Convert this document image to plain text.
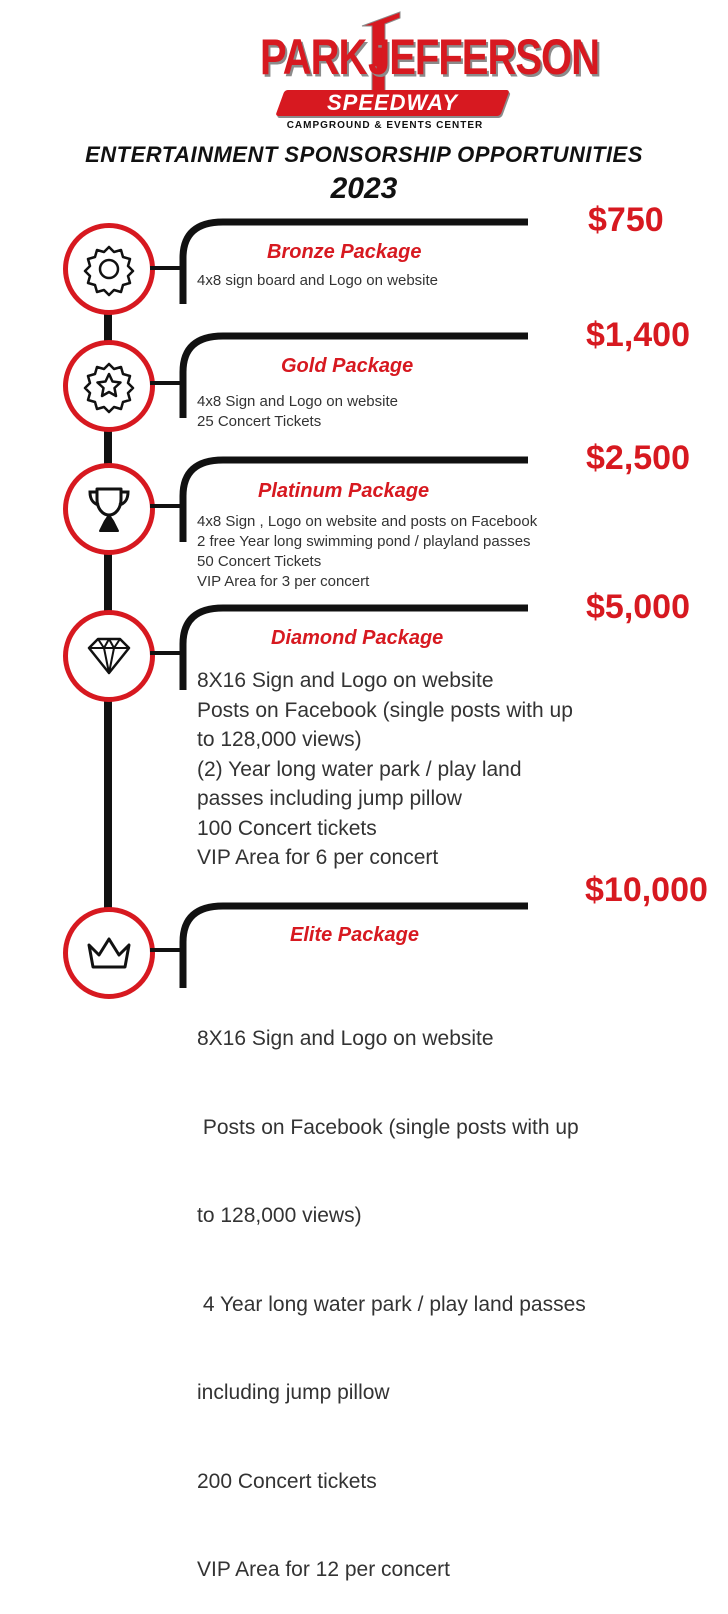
PARK JEFFERSON
SPEEDWAY
CAMPGROUND & EVENTS CENTER
ENTERTAINMENT SPONSORSHIP OPPORTUNITIES
2023
$750
$1,400
$2,500
$5,000
$10,000
Bronze Package
Gold Package
Platinum Package
Diamond Package
Elite Package
4x8 sign board and Logo on website
4x8 Sign and Logo on website
25 Concert Tickets
4x8 Sign , Logo on website and posts on Facebook
2 free Year long swimming pond / playland passes
50 Concert Tickets
VIP Area for 3 per concert
8X16 Sign and Logo on website
Posts on Facebook (single posts with up
to 128,000 views)
(2) Year long water park / play land
passes including jump pillow
100 Concert tickets
VIP Area for 6 per concert

8X16 Sign and Logo on website

Posts on Facebook (single posts with up

to 128,000 views)

4 Year long water park / play land passes

including jump pillow

200 Concert tickets

VIP Area for 12 per concert
